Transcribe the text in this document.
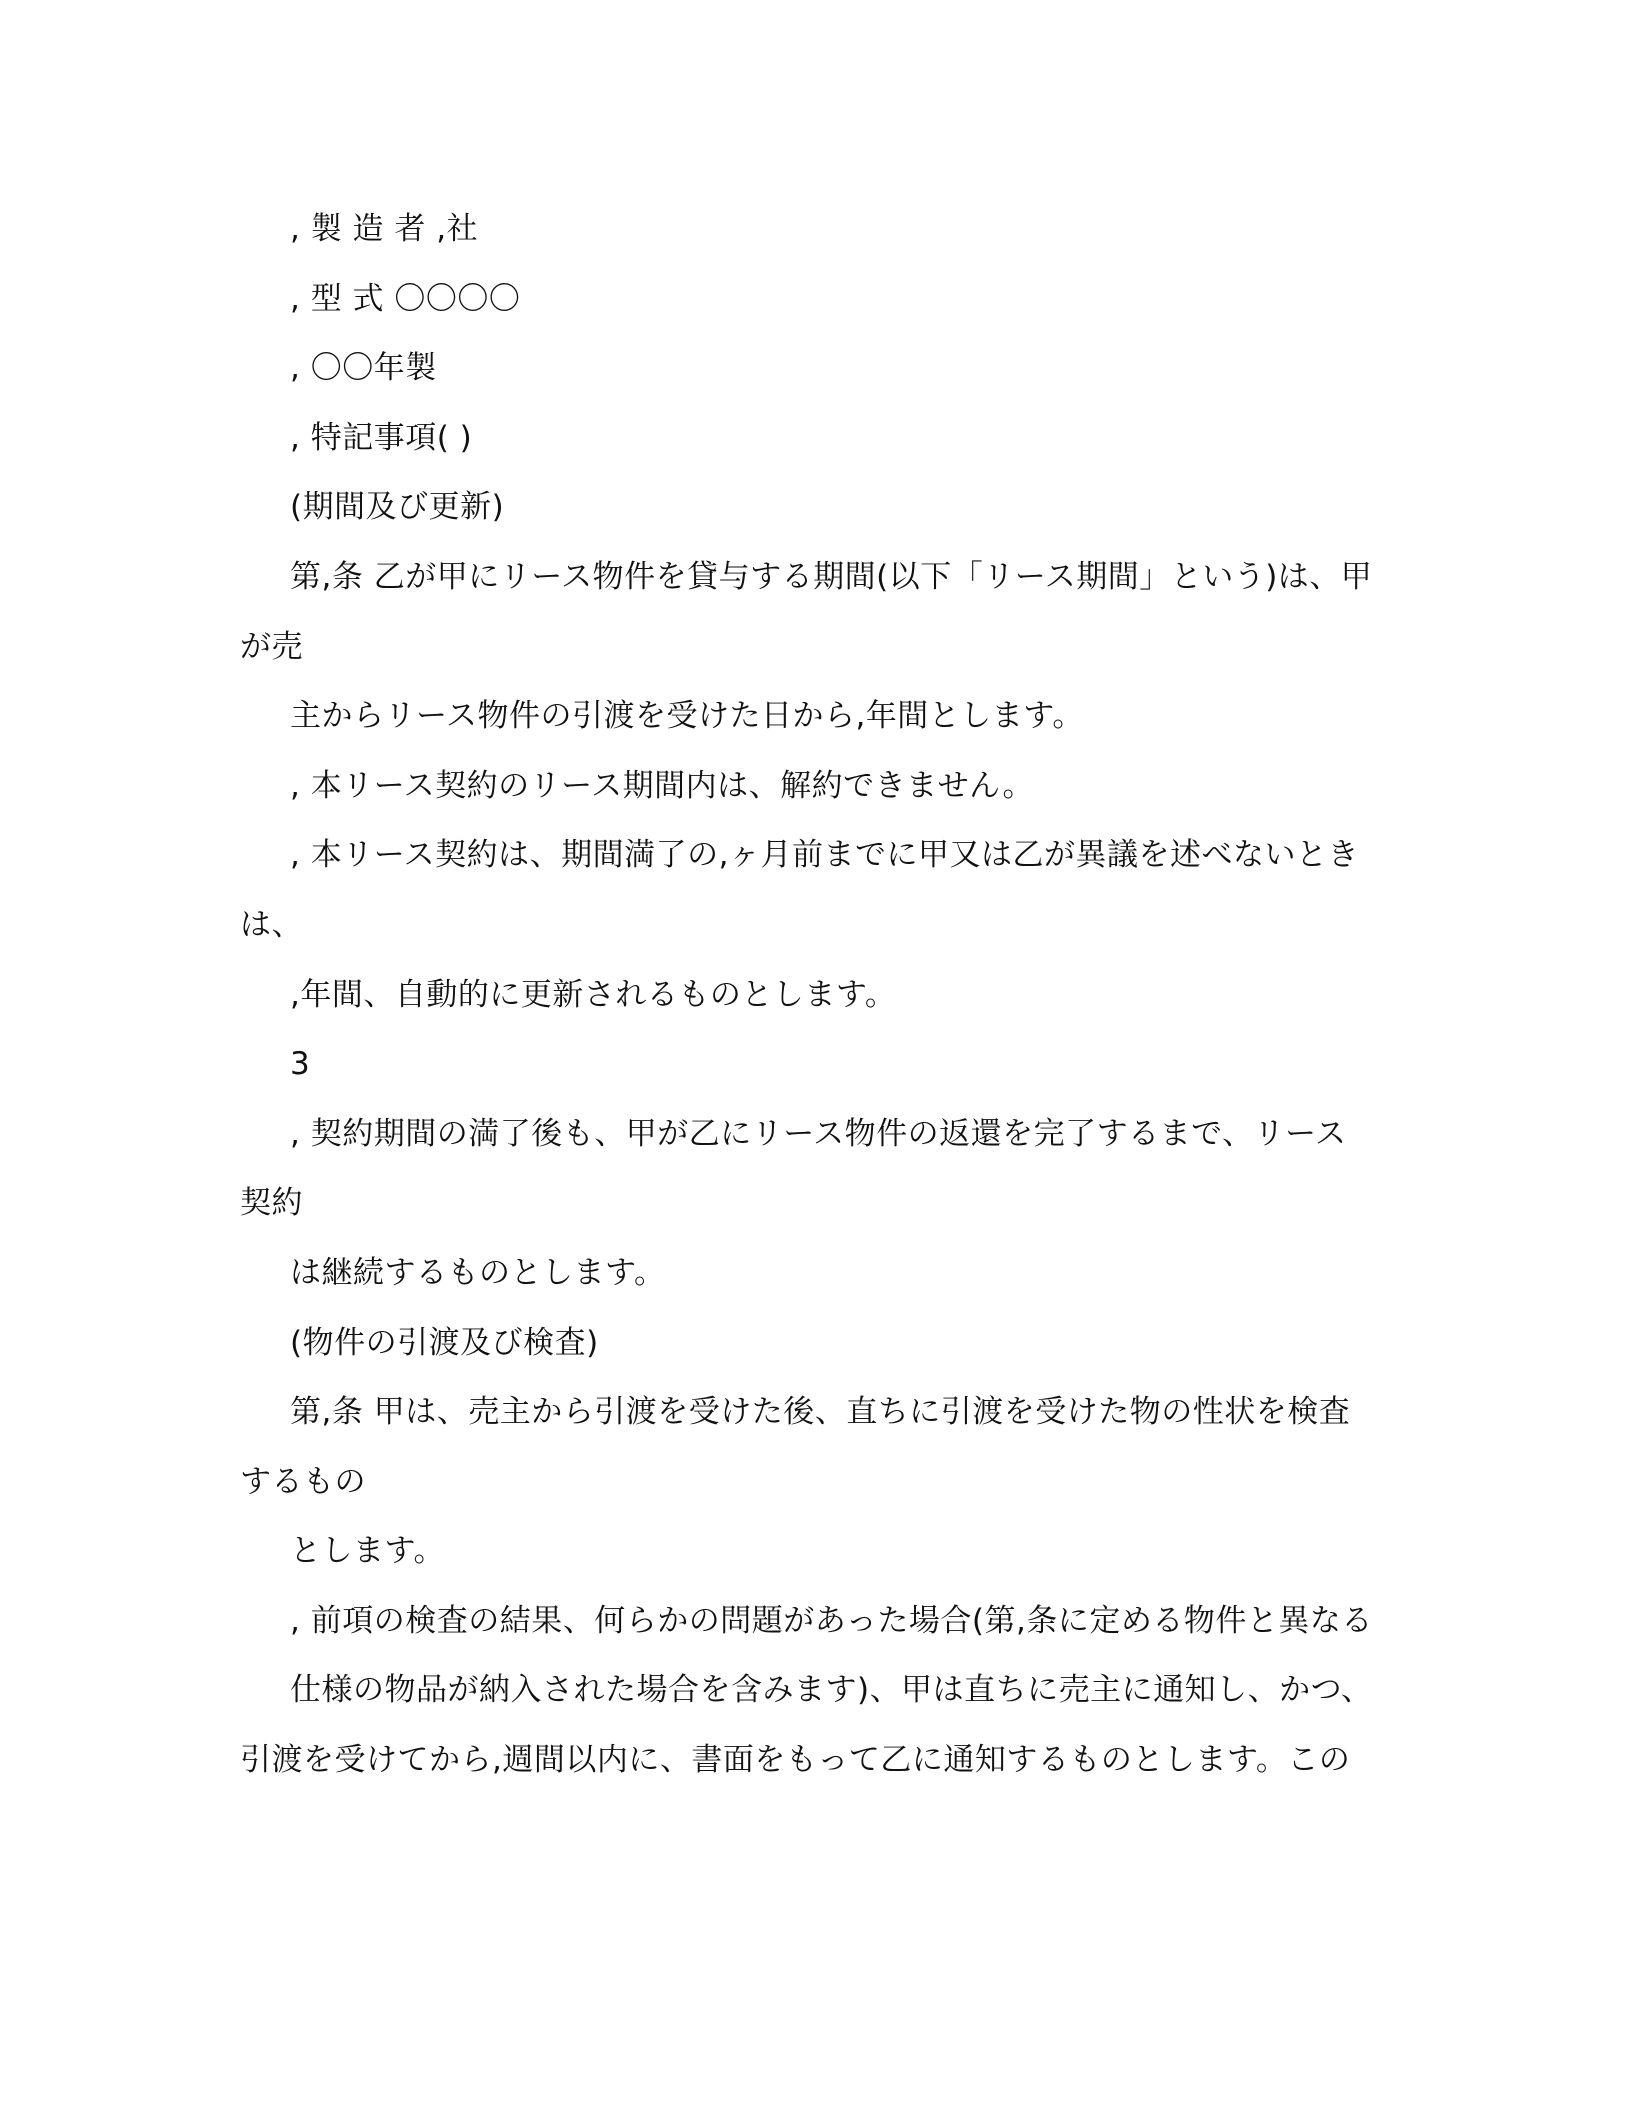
, 製 造 者 ,社
, 型 式 〇〇〇〇
, 〇〇年製
, 特記事項( )
(期間及び更新)
第,条 乙が甲にリース物件を貸与する期間(以下「リース期間」という)は、甲
が売
主からリース物件の引渡を受けた日から,年間とします。
, 本リース契約のリース期間内は、解約できません。
, 本リース契約は、期間満了の,ヶ月前までに甲又は乙が異議を述べないとき
は、
,年間、自動的に更新されるものとします。
3
, 契約期間の満了後も、甲が乙にリース物件の返還を完了するまで、リース
契約
は継続するものとします。
(物件の引渡及び検査)
第,条 甲は、売主から引渡を受けた後、直ちに引渡を受けた物の性状を検査
するもの
とします。
, 前項の検査の結果、何らかの問題があった場合(第,条に定める物件と異なる
仕様の物品が納入された場合を含みます)、甲は直ちに売主に通知し、かつ、
引渡を受けてから,週間以内に、書面をもって乙に通知するものとします。この
